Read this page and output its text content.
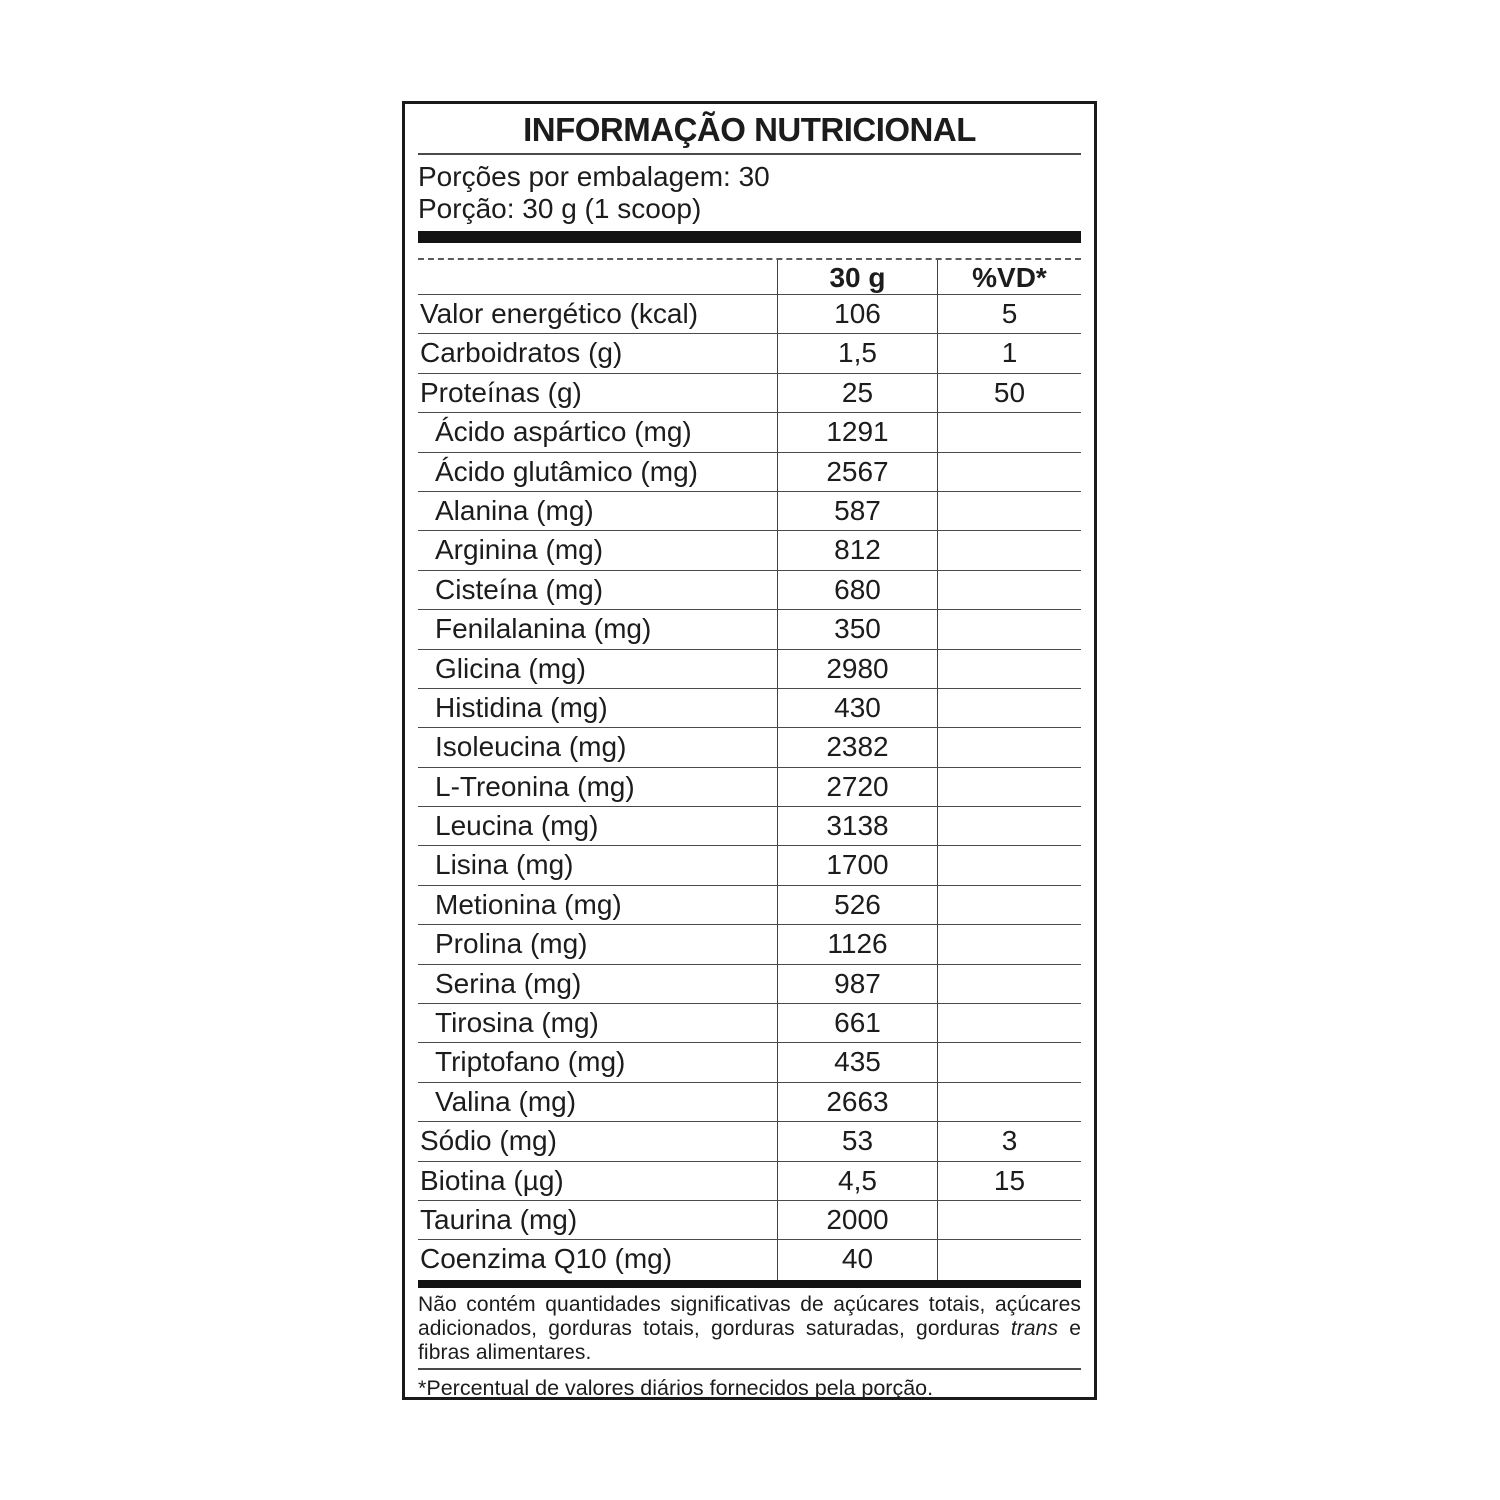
INFORMAÇÃO NUTRICIONAL
Porções por embalagem: 30
Porção: 30 g (1 scoop)
30 g	%VD*
Valor energético (kcal)	106	5
Carboidratos (g)	1,5	1
Proteínas (g)	25	50
Ácido aspártico (mg)	1291
Ácido glutâmico (mg)	2567
Alanina (mg)	587
Arginina (mg)	812
Cisteína (mg)	680
Fenilalanina (mg)	350
Glicina (mg)	2980
Histidina (mg)	430
Isoleucina (mg)	2382
L-Treonina (mg)	2720
Leucina (mg)	3138
Lisina (mg)	1700
Metionina (mg)	526
Prolina (mg)	1126
Serina (mg)	987
Tirosina (mg)	661
Triptofano (mg)	435
Valina (mg)	2663
Sódio (mg)	53	3
Biotina (µg)	4,5	15
Taurina (mg)	2000
Coenzima Q10 (mg)	40
Não contém quantidades significativas de açúcares totais, açúcares adicionados, gorduras totais, gorduras saturadas, gorduras trans e fibras alimentares.
*Percentual de valores diários fornecidos pela porção.
